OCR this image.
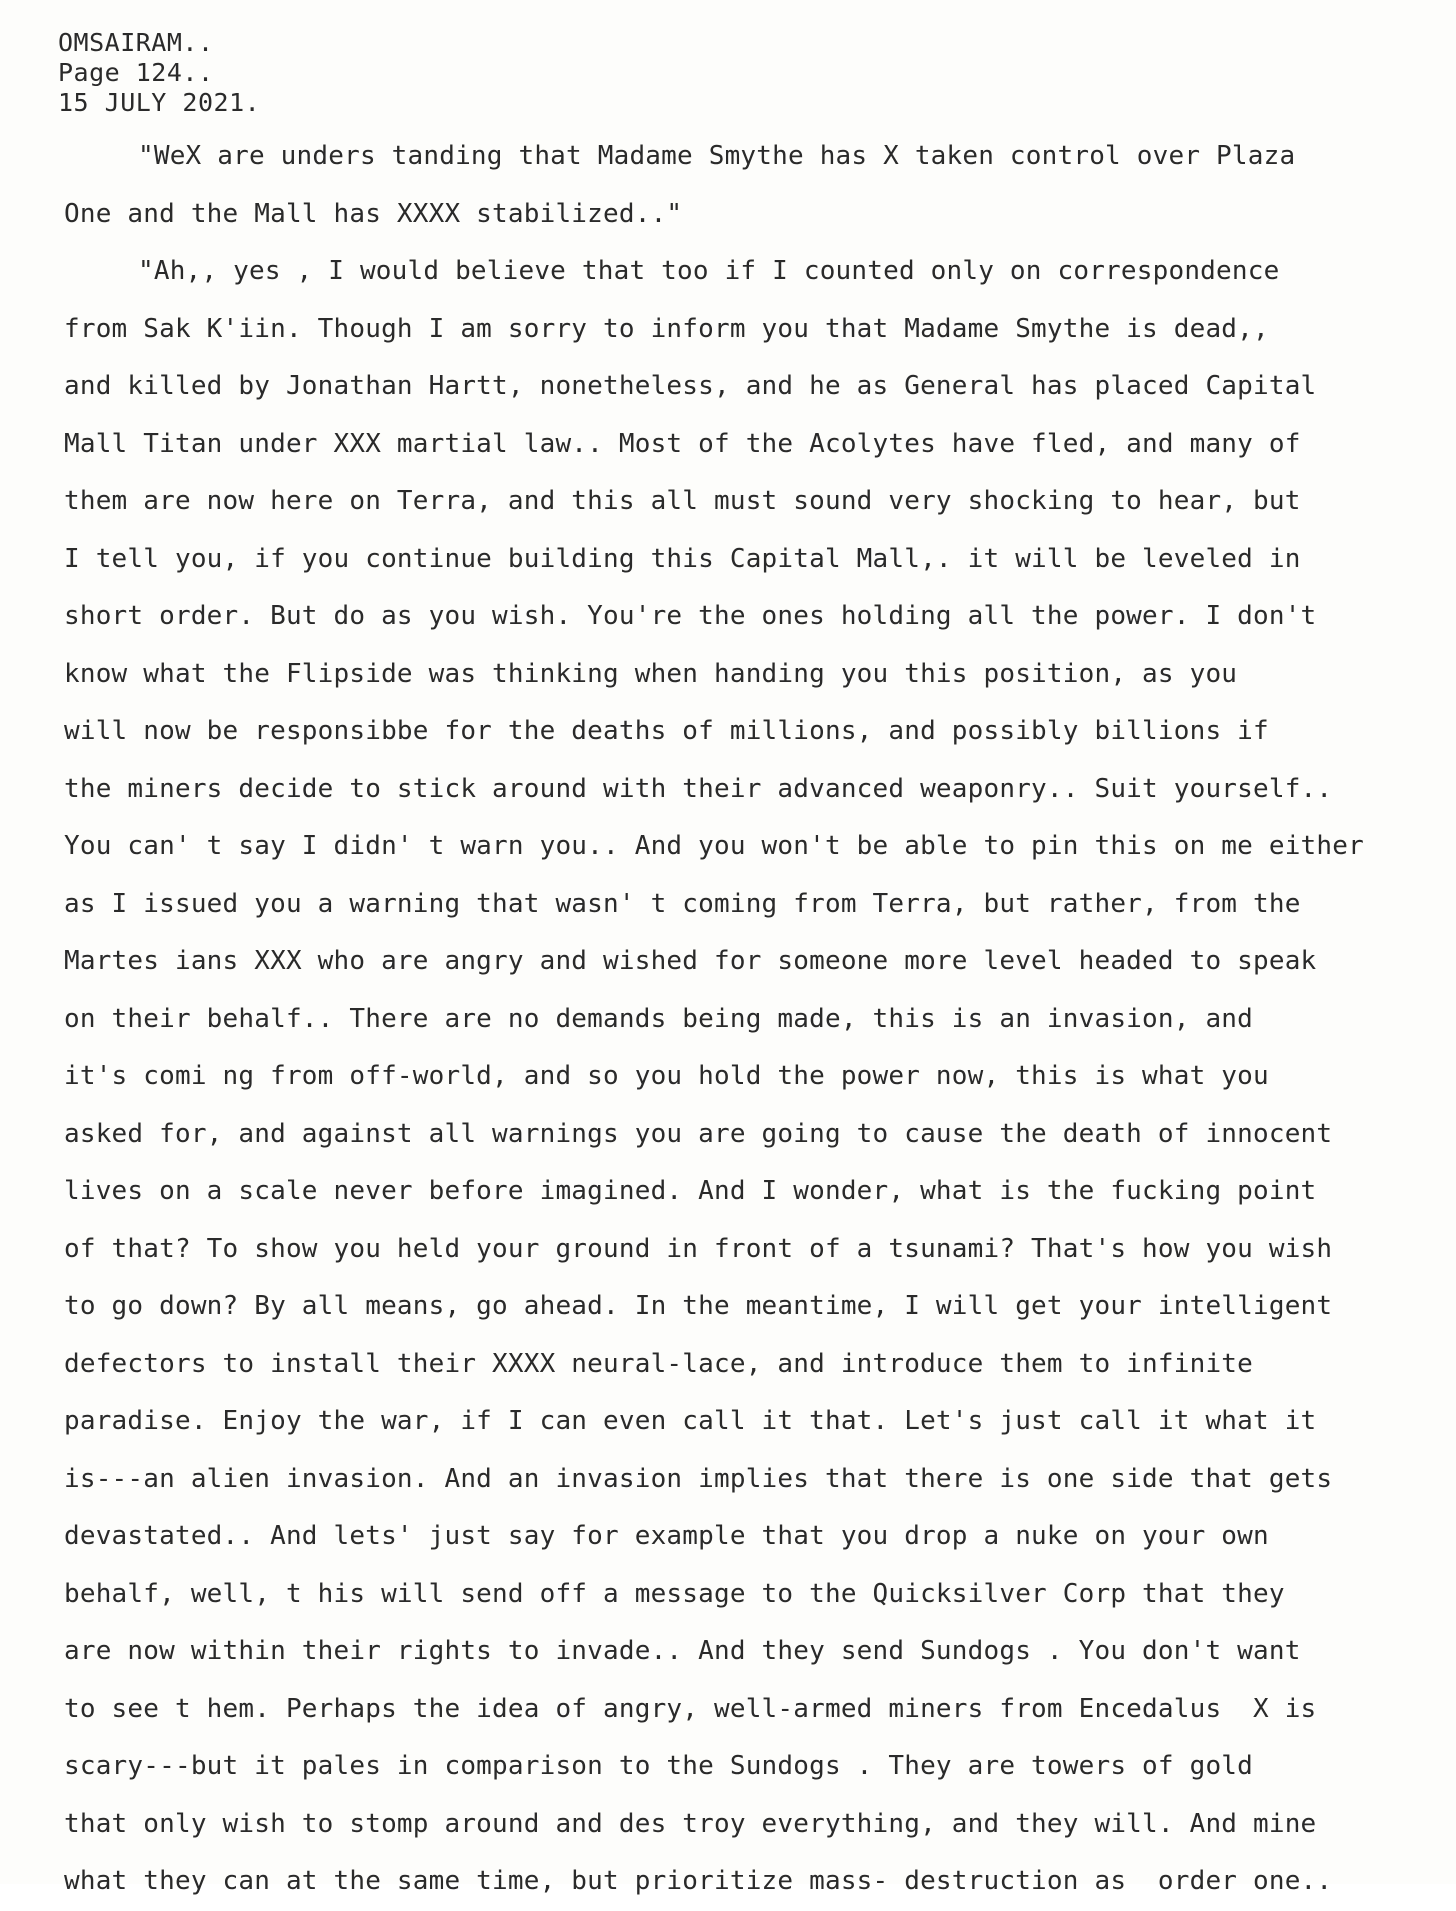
OMSAIRAM..
Page 124..
15 JULY 2021.
"WeX are unders tanding that Madame Smythe has X taken control over Plaza
One and the Mall has XXXX stabilized.."
"Ah,, yes , I would believe that too if I counted only on correspondence
from Sak K'iin. Though I am sorry to inform you that Madame Smythe is dead,,
and killed by Jonathan Hartt, nonetheless, and he as General has placed Capital
Mall Titan under XXX martial law.. Most of the Acolytes have fled, and many of
them are now here on Terra, and this all must sound very shocking to hear, but
I tell you, if you continue building this Capital Mall,. it will be leveled in
short order. But do as you wish. You're the ones holding all the power. I don't
know what the Flipside was thinking when handing you this position, as you
will now be responsibbe for the deaths of millions, and possibly billions if
the miners decide to stick around with their advanced weaponry.. Suit yourself..
You can' t say I didn' t warn you.. And you won't be able to pin this on me either
as I issued you a warning that wasn' t coming from Terra, but rather, from the
Martes ians XXX who are angry and wished for someone more level headed to speak
on their behalf.. There are no demands being made, this is an invasion, and
it's comi ng from off-world, and so you hold the power now, this is what you
asked for, and against all warnings you are going to cause the death of innocent
lives on a scale never before imagined. And I wonder, what is the fucking point
of that? To show you held your ground in front of a tsunami? That's how you wish
to go down? By all means, go ahead. In the meantime, I will get your intelligent
defectors to install their XXXX neural-lace, and introduce them to infinite
paradise. Enjoy the war, if I can even call it that. Let's just call it what it
is---an alien invasion. And an invasion implies that there is one side that gets
devastated.. And lets' just say for example that you drop a nuke on your own
behalf, well, t his will send off a message to the Quicksilver Corp that they
are now within their rights to invade.. And they send Sundogs . You don't want
to see t hem. Perhaps the idea of angry, well-armed miners from Encedalus  X is
scary---but it pales in comparison to the Sundogs . They are towers of gold
that only wish to stomp around and des troy everything, and they will. And mine
what they can at the same time, but prioritize mass- destruction as  order one..
